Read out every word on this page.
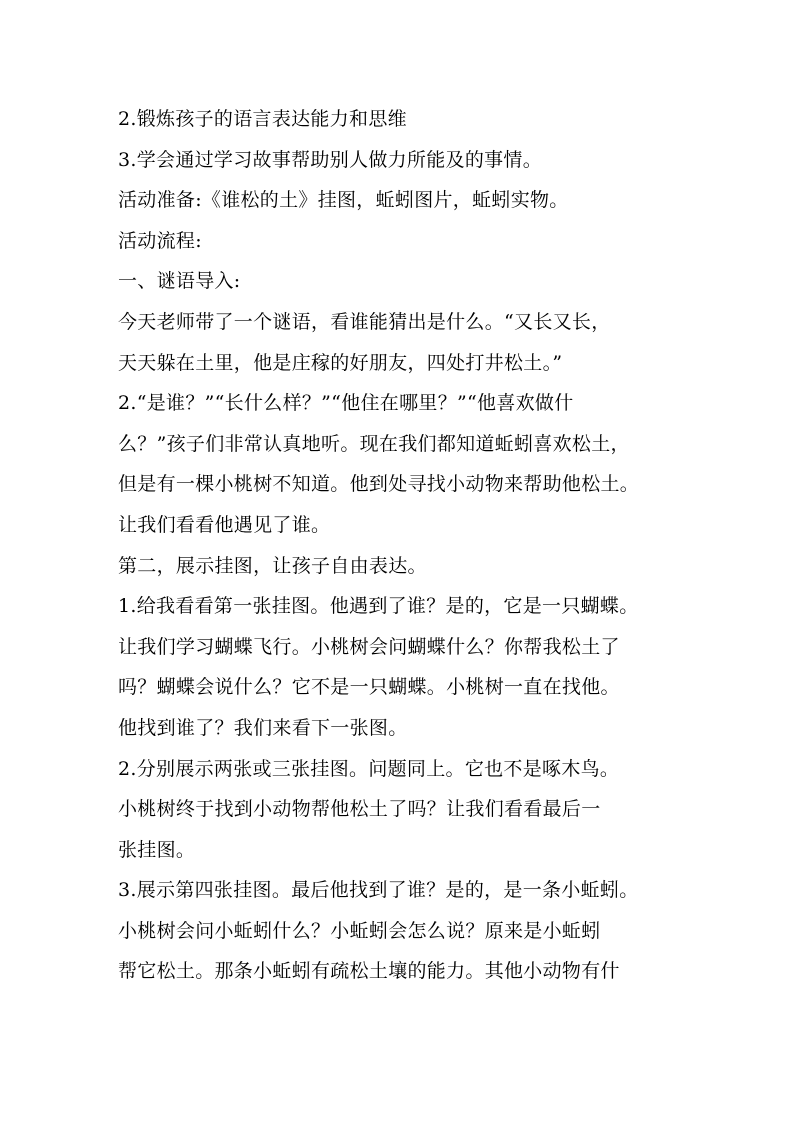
2.锻炼孩子的语言表达能力和思维
3.学会通过学习故事帮助别人做力所能及的事情。
活动准备:《谁松的土》挂图，蚯蚓图片，蚯蚓实物。
活动流程:
一、谜语导入:
今天老师带了一个谜语，看谁能猜出是什么。“又长又长，
天天躲在土里，他是庄稼的好朋友，四处打井松土。”
2.“是谁？”“长什么样？”“他住在哪里？”“他喜欢做什
么？”孩子们非常认真地听。现在我们都知道蚯蚓喜欢松土，
但是有一棵小桃树不知道。他到处寻找小动物来帮助他松土。
让我们看看他遇见了谁。
第二，展示挂图，让孩子自由表达。
1.给我看看第一张挂图。他遇到了谁？是的，它是一只蝴蝶。
让我们学习蝴蝶飞行。小桃树会问蝴蝶什么？你帮我松土了
吗？蝴蝶会说什么？它不是一只蝴蝶。小桃树一直在找他。
他找到谁了？我们来看下一张图。
2.分别展示两张或三张挂图。问题同上。它也不是啄木鸟。
小桃树终于找到小动物帮他松土了吗？让我们看看最后一
张挂图。
3.展示第四张挂图。最后他找到了谁？是的，是一条小蚯蚓。
小桃树会问小蚯蚓什么？小蚯蚓会怎么说？原来是小蚯蚓
帮它松土。那条小蚯蚓有疏松土壤的能力。其他小动物有什
